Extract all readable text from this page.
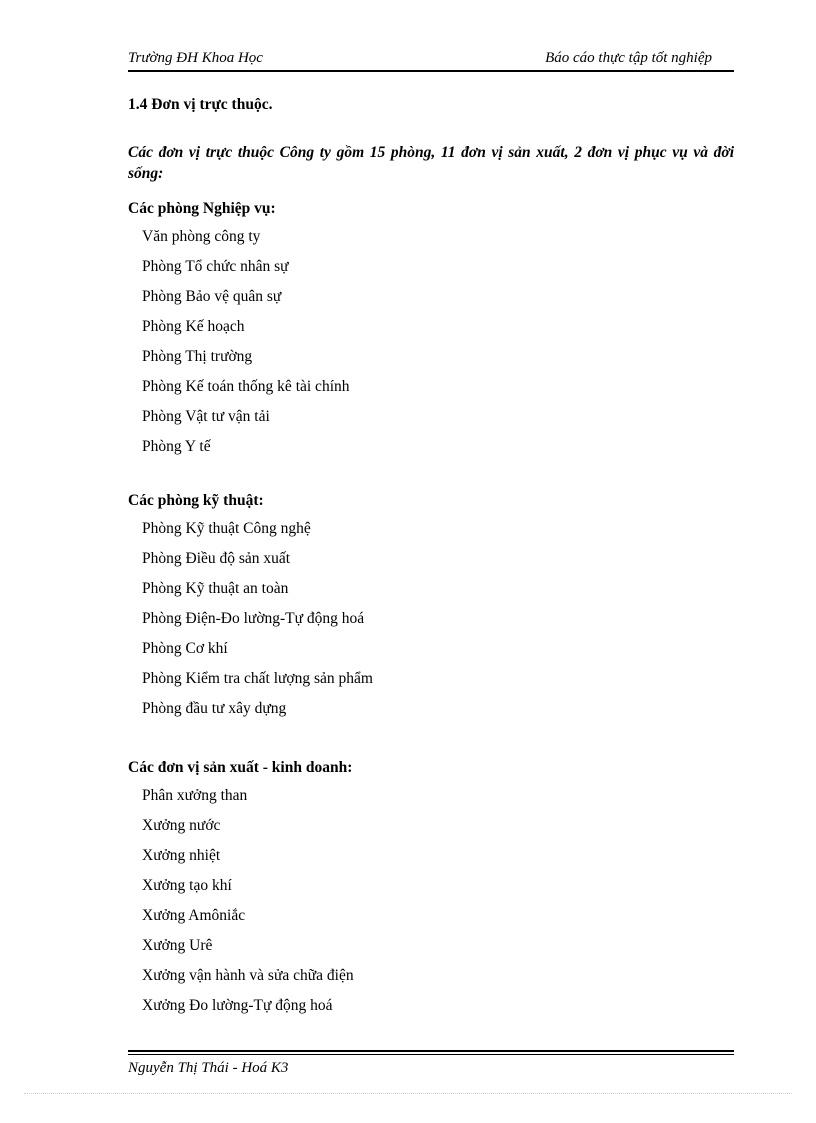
Trường ĐH Khoa Học	Báo cáo thực tập tốt nghiệp

1.4 Đơn vị trực thuộc.

Các đơn vị trực thuộc Công ty gồm 15 phòng, 11 đơn vị sản xuất, 2 đơn vị phục vụ và đời sống:

Các phòng Nghiệp vụ:

Văn phòng công ty
Phòng Tổ chức nhân sự
Phòng Bảo vệ quân sự
Phòng Kế hoạch
Phòng Thị trường
Phòng Kế toán thống kê tài chính
Phòng Vật tư vận tải
Phòng Y tế

Các phòng kỹ thuật:

Phòng Kỹ thuật Công nghệ
Phòng Điều độ sản xuất
Phòng Kỹ thuật an toàn
Phòng Điện-Đo lường-Tự động hoá
Phòng Cơ khí
Phòng Kiểm tra chất lượng sản phẩm
Phòng đầu tư xây dựng

Các đơn vị sản xuất - kinh doanh:

Phân xưởng than
Xưởng nước
Xưởng nhiệt
Xưởng tạo khí
Xưởng Amôniắc
Xưởng Urê
Xưởng vận hành và sửa chữa điện
Xưởng Đo lường-Tự động hoá
Nguyễn Thị Thái - Hoá K3
